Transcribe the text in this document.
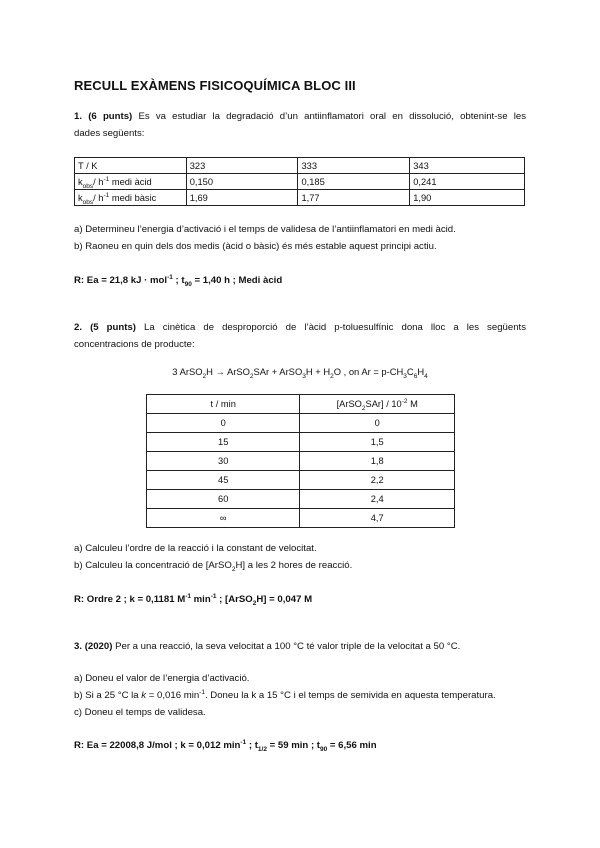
RECULL EXÀMENS FISICOQUÍMICA BLOC III
1. (6 punts) Es va estudiar la degradació d’un antiinflamatori oral en dissolució, obtenint-se les
dades següents:
T / K	323	333	343
$k_{obs}/$ $h^{-1}$ medi àcid	0,150	0,185	0,241
$k_{obs}/$ $h^{-1}$ medi bàsic	1,69	1,77	1,90
a) Determineu l’energia d’activació i el temps de validesa de l’antiinflamatori en medi àcid.
b) Raoneu en quin dels dos medis (àcid o bàsic) és més estable aquest principi actiu.
R: Ea = 21,8 kJ · mol$^{-1}$ ; $t_{90} = 1,40$ h ; Medi àcid
2. (5 punts) La cinètica de desproporció de l’àcid p-toluesulfínic dona lloc a les següents
concentracions de producte:
3 ArSO$_2$H → ArSO$_2$SAr + ArSO$_3$H + $H_2O$ , on $Ar = p-CH_3C_6H_4$
t / min	[ArSO$_2$SAr] / $10^{-2}$ M
0	0
15	1,5
30	1,8
45	2,2
60	2,4
∞	4,7
a) Calculeu l’ordre de la reacció i la constant de velocitat.
b) Calculeu la concentració de [ArSO$_2$H] a les 2 hores de reacció.
R: Ordre 2 ; k = 0,1181 $M^{-1}$ $\min^{-1}$ ; [ArSO$_2$H] = 0,047 M
3. (2020) Per a una reacció, la seva velocitat a 100 °C té valor triple de la velocitat a 50 °C.
a) Doneu el valor de l’energia d’activació.
b) Si a 25 °C la k = 0,016 $\min^{-1}$. Doneu la k a 15 °C i el temps de semivida en aquesta temperatura.
c) Doneu el temps de validesa.
R: Ea = 22008,8 J/mol ; k = 0,012 $\min^{-1}$ ; $t_{1/2} = 59$ min ; $t_{90} = 6,56$ min
